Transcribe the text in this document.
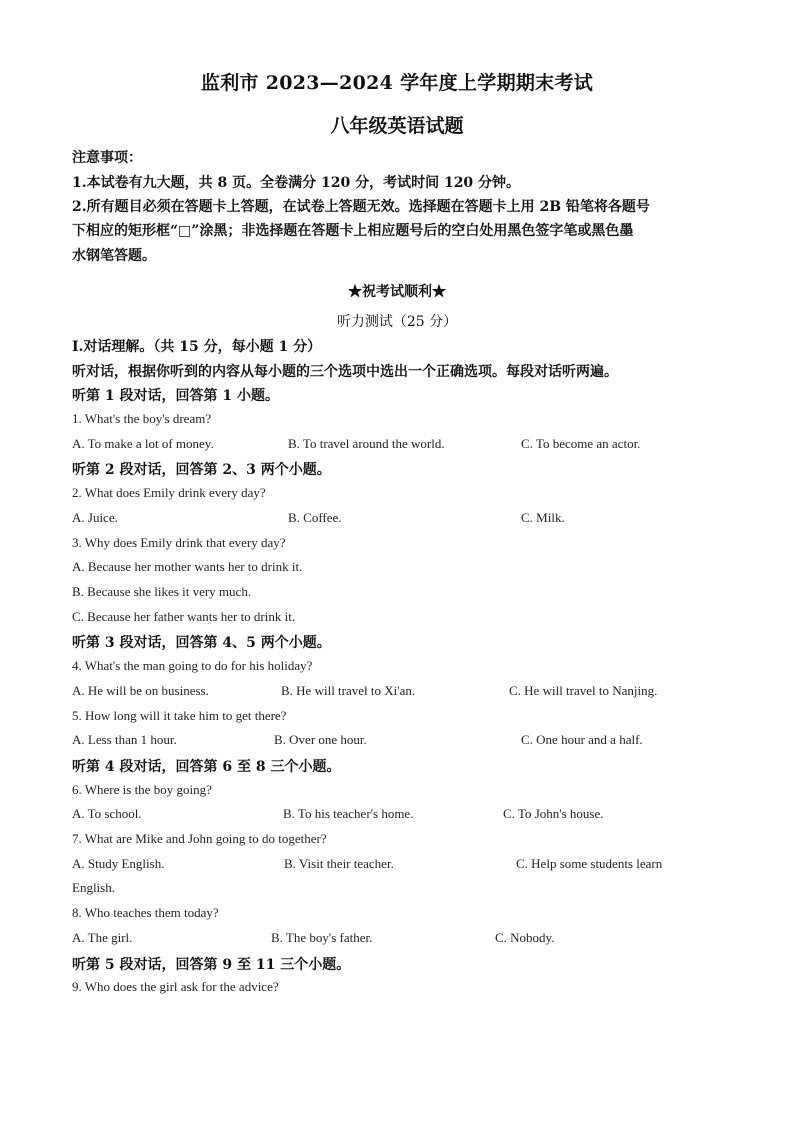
监利市 2023—2024 学年度上学期期末考试
八年级英语试题
注意事项：
1.本试卷有九大题，共 8 页。全卷满分 120 分，考试时间 120 分钟。
2.所有题目必须在答题卡上答题，在试卷上答题无效。选择题在答题卡上用 2B 铅笔将各题号
下相应的矩形框“□”涂黑；非选择题在答题卡上相应题号后的空白处用黑色签字笔或黑色墨
水钢笔答题。
★祝考试顺利★
听力测试（25 分）
I.对话理解。（共 15 分，每小题 1 分）
听对话，根据你听到的内容从每小题的三个选项中选出一个正确选项。每段对话听两遍。
听第 1 段对话，回答第 1 小题。
1. What's the boy's dream?
A. To make a lot of money.	B. To travel around the world.	C. To become an actor.
听第 2 段对话，回答第 2、3 两个小题。
2. What does Emily drink every day?
A. Juice.	B. Coffee.	C. Milk.
3. Why does Emily drink that every day?
A. Because her mother wants her to drink it.
B. Because she likes it very much.
C. Because her father wants her to drink it.
听第 3 段对话，回答第 4、5 两个小题。
4. What's the man going to do for his holiday?
A. He will be on business.	B. He will travel to Xi'an.	C. He will travel to Nanjing.
5. How long will it take him to get there?
A. Less than 1 hour.	B. Over one hour.	C. One hour and a half.
听第 4 段对话，回答第 6 至 8 三个小题。
6. Where is the boy going?
A. To school.	B. To his teacher's home.	C. To John's house.
7. What are Mike and John going to do together?
A. Study English.	B. Visit their teacher.	C. Help some students learn
English.
8. Who teaches them today?
A. The girl.	B. The boy's father.	C. Nobody.
听第 5 段对话，回答第 9 至 11 三个小题。
9. Who does the girl ask for the advice?
